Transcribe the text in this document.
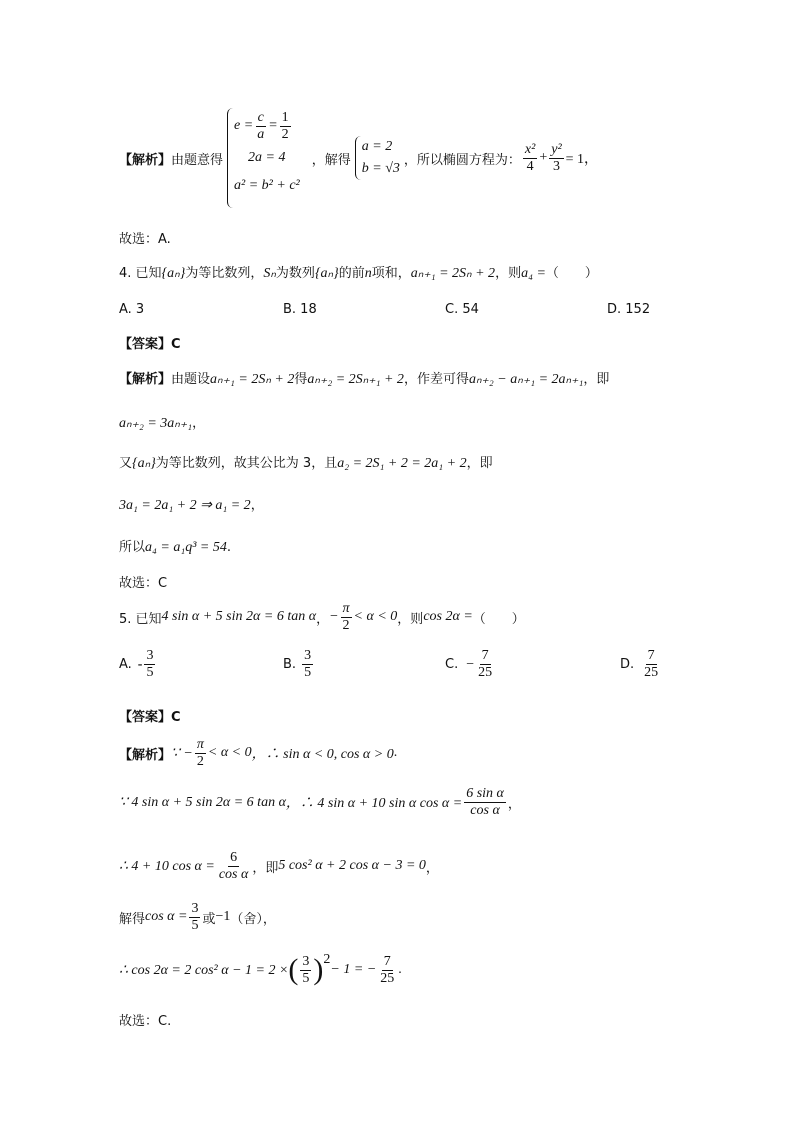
【解析】 由题意得
$e = \frac{c}{a} = \frac{1}{2}$
2a = 4
a² = b² + c²
，解得
a = 2
b = √3
，所以椭圆方程为： $\frac{\text{x²}}{4} + \frac{\text{y²}}{3} = 1$，
故选：A.
4. 已知{aₙ}为等比数列，Sₙ为数列{aₙ}的前n项和，aₙ₊₁ = 2Sₙ + 2，则a₄ =（　　）
A. 3	B. 18	C. 54	D. 152
【答案】C
【解析】由题设aₙ₊₁ = 2Sₙ + 2得aₙ₊₂ = 2Sₙ₊₁ + 2，作差可得aₙ₊₂ − aₙ₊₁ = 2aₙ₊₁，即
aₙ₊₂ = 3aₙ₊₁，
又{aₙ}为等比数列，故其公比为 3，且a₂ = 2S₁ + 2 = 2a₁ + 2，即
3a₁ = 2a₁ + 2 ⇒ a₁ = 2，
所以a₄ = a₁q³ = 54.
故选：C
5. 已知 4 sin α + 5 sin 2α = 6 tan α ， − $\frac{\pi}{2} < \alpha < 0$ ，则 cos 2α = （　　）
A. - $\frac{3}{5}$	B. $\frac{3}{5}$	C. − $\frac{7}{25}$	D. $\frac{7}{25}$
【答案】C
【解析】 ∵ − $\frac{\pi}{2} < \alpha < 0$ ，∴ sin α < 0, cos α > 0 .
∵ 4 sin α + 5 sin 2α = 6 tan α ，∴ 4 sin α + 10 sin α $\cos \alpha = \frac{\text{6 sin α}}{\text{cos α}}$ ，
∴ 4 + 10 $\cos \alpha = \frac{6}{\text{cos α}}$ ，即 5 cos² α + 2 cos α − 3 = 0 ，
解得 $\cos \alpha = \frac{3}{5}$ 或 −1 （舍），
∴ cos 2α = 2 cos² α − 1 = 2 × ( $\frac{3}{5}$ ) 2
− 1 = − $\frac{7}{25}$ .
故选：C.
